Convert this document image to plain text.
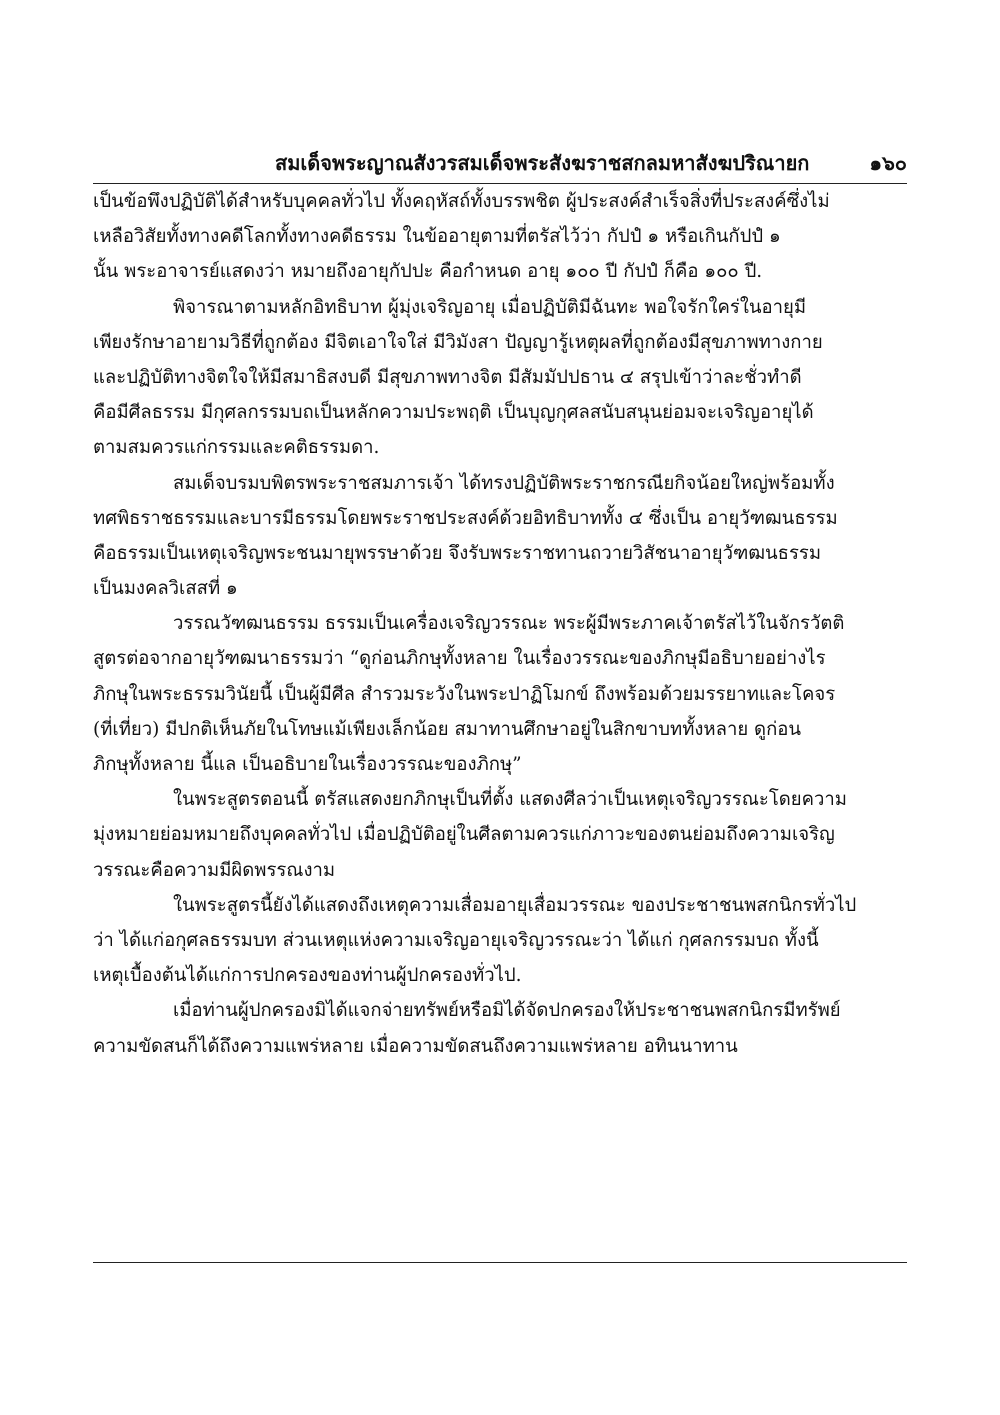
สมเด็จพระญาณสังวรสมเด็จพระสังฆราชสกลมหาสังฆปริณายก	๑๖๐
เป็นข้อพึงปฏิบัติได้สำหรับบุคคลทั่วไป ทั้งคฤหัสถ์ทั้งบรรพชิต ผู้ประสงค์สำเร็จสิ่งที่ประสงค์ซึ่งไม่
เหลือวิสัยทั้งทางคดีโลกทั้งทางคดีธรรม ในข้ออายุตามที่ตรัสไว้ว่า กัปปํ ๑ หรือเกินกัปปํ ๑
นั้น พระอาจารย์แสดงว่า หมายถึงอายุกัปปะ คือกำหนด อายุ ๑๐๐ ปี กัปปํ ก็คือ ๑๐๐ ปี.
พิจารณาตามหลักอิทธิบาท ผู้มุ่งเจริญอายุ เมื่อปฏิบัติมีฉันทะ พอใจรักใคร่ในอายุมี
เพียงรักษาอายามวิธีที่ถูกต้อง มีจิตเอาใจใส่ มีวิมังสา ปัญญารู้เหตุผลที่ถูกต้องมีสุขภาพทางกาย
และปฏิบัติทางจิตใจให้มีสมาธิสงบดี มีสุขภาพทางจิต มีสัมมัปปธาน ๔ สรุปเข้าว่าละชั่วทำดี
คือมีศีลธรรม มีกุศลกรรมบถเป็นหลักความประพฤติ เป็นบุญกุศลสนับสนุนย่อมจะเจริญอายุได้
ตามสมควรแก่กรรมและคติธรรมดา.
สมเด็จบรมบพิตรพระราชสมภารเจ้า ได้ทรงปฏิบัติพระราชกรณียกิจน้อยใหญ่พร้อมทั้ง
ทศพิธราชธรรมและบารมีธรรมโดยพระราชประสงค์ด้วยอิทธิบาททั้ง ๔ ซึ่งเป็น อายุวัฑฒนธรรม
คือธรรมเป็นเหตุเจริญพระชนมายุพรรษาด้วย จึงรับพระราชทานถวายวิสัชนาอายุวัฑฒนธรรม
เป็นมงคลวิเสสที่ ๑
วรรณวัฑฒนธรรม ธรรมเป็นเครื่องเจริญวรรณะ พระผู้มีพระภาคเจ้าตรัสไว้ในจักรวัตติ
สูตรต่อจากอายุวัฑฒนาธรรมว่า “ดูก่อนภิกษุทั้งหลาย ในเรื่องวรรณะของภิกษุมีอธิบายอย่างไร
ภิกษุในพระธรรมวินัยนี้ เป็นผู้มีศีล สำรวมระวังในพระปาฏิโมกข์ ถึงพร้อมด้วยมรรยาทและโคจร
(ที่เที่ยว) มีปกติเห็นภัยในโทษแม้เพียงเล็กน้อย สมาทานศึกษาอยู่ในสิกขาบททั้งหลาย ดูก่อน
ภิกษุทั้งหลาย นี้แล เป็นอธิบายในเรื่องวรรณะของภิกษุ”
ในพระสูตรตอนนี้ ตรัสแสดงยกภิกษุเป็นที่ตั้ง แสดงศีลว่าเป็นเหตุเจริญวรรณะโดยความ
มุ่งหมายย่อมหมายถึงบุคคลทั่วไป เมื่อปฏิบัติอยู่ในศีลตามควรแก่ภาวะของตนย่อมถึงความเจริญ
วรรณะคือความมีผิดพรรณงาม
ในพระสูตรนี้ยังได้แสดงถึงเหตุความเสื่อมอายุเสื่อมวรรณะ ของประชาชนพสกนิกรทั่วไป
ว่า ได้แก่อกุศลธรรมบท ส่วนเหตุแห่งความเจริญอายุเจริญวรรณะว่า ได้แก่ กุศลกรรมบถ ทั้งนี้
เหตุเบื้องต้นได้แก่การปกครองของท่านผู้ปกครองทั่วไป.
เมื่อท่านผู้ปกครองมิได้แจกจ่ายทรัพย์หรือมิได้จัดปกครองให้ประชาชนพสกนิกรมีทรัพย์
ความขัดสนก็ได้ถึงความแพร่หลาย เมื่อความขัดสนถึงความแพร่หลาย อทินนาทาน
